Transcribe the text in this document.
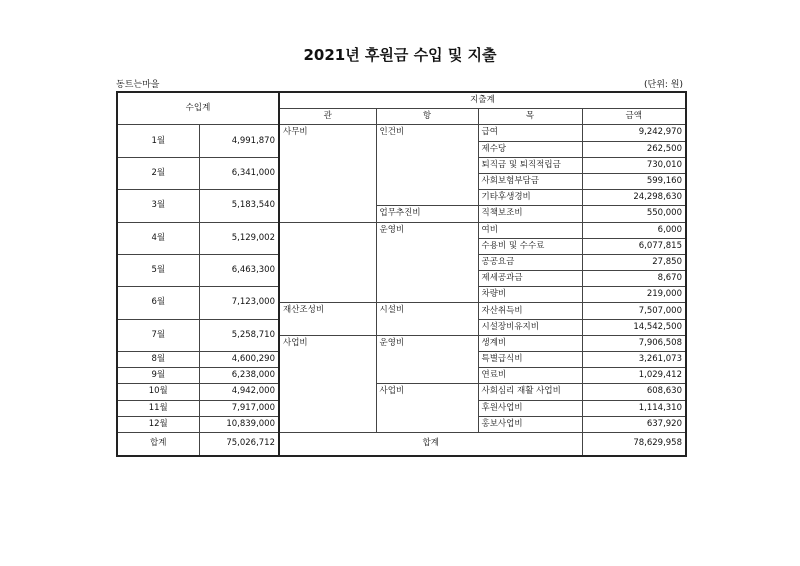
2021년 후원금 수입 및 지출
동트는마을	(단위: 원)
수입계		지출계			
		관	항	목	금액
1월	4,991,870	사무비	인건비	급여	9,242,970
				제수당	262,500
2월	6,341,000			퇴직금 및 퇴직적립금	730,010
				사회보험부담금	599,160
3월	5,183,540			기타후생경비	24,298,630
			업무추진비	직책보조비	550,000
4월	5,129,002		운영비	여비	6,000
				수용비 및 수수료	6,077,815
5월	6,463,300			공공요금	27,850
				제세공과금	8,670
6월	7,123,000			차량비	219,000
		재산조성비	시설비	자산취득비	7,507,000
7월	5,258,710			시설장비유지비	14,542,500
		사업비	운영비	생계비	7,906,508
8월	4,600,290			특별급식비	3,261,073
9월	6,238,000			연료비	1,029,412
10월	4,942,000		사업비	사회심리 재활 사업비	608,630
11월	7,917,000			후원사업비	1,114,310
12월	10,839,000			홍보사업비	637,920
합계	75,026,712	합계			78,629,958
